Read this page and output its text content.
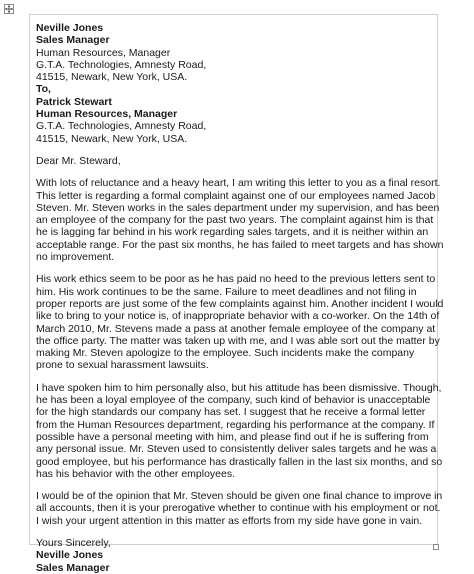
Neville Jones
Sales Manager
Human Resources, Manager
G.T.A. Technologies, Amnesty Road,
41515, Newark, New York, USA.
To,
Patrick Stewart
Human Resources, Manager
G.T.A. Technologies, Amnesty Road,
41515, Newark, New York, USA.

Dear Mr. Steward,

With lots of reluctance and a heavy heart, I am writing this letter to you as a final resort.
This letter is regarding a formal complaint against one of our employees named Jacob
Steven. Mr. Steven works in the sales department under my supervision, and has been
an employee of the company for the past two years. The complaint against him is that
he is lagging far behind in his work regarding sales targets, and it is neither within an
acceptable range. For the past six months, he has failed to meet targets and has shown
no improvement.
His work ethics seem to be poor as he has paid no heed to the previous letters sent to
him. His work continues to be the same. Failure to meet deadlines and not filing in
proper reports are just some of the few complaints against him. Another incident I would
like to bring to your notice is, of inappropriate behavior with a co-worker. On the 14th of
March 2010, Mr. Stevens made a pass at another female employee of the company at
the office party. The matter was taken up with me, and I was able sort out the matter by
making Mr. Steven apologize to the employee. Such incidents make the company
prone to sexual harassment lawsuits.
I have spoken him to him personally also, but his attitude has been dismissive. Though,
he has been a loyal employee of the company, such kind of behavior is unacceptable
for the high standards our company has set. I suggest that he receive a formal letter
from the Human Resources department, regarding his performance at the company. If
possible have a personal meeting with him, and please find out if he is suffering from
any personal issue. Mr. Steven used to consistently deliver sales targets and he was a
good employee, but his performance has drastically fallen in the last six months, and so
has his behavior with the other employees.
I would be of the opinion that Mr. Steven should be given one final chance to improve in
all accounts, then it is your prerogative whether to continue with his employment or not.
I wish your urgent attention in this matter as efforts from my side have gone in vain.
Yours Sincerely,
Neville Jones
Sales Manager
